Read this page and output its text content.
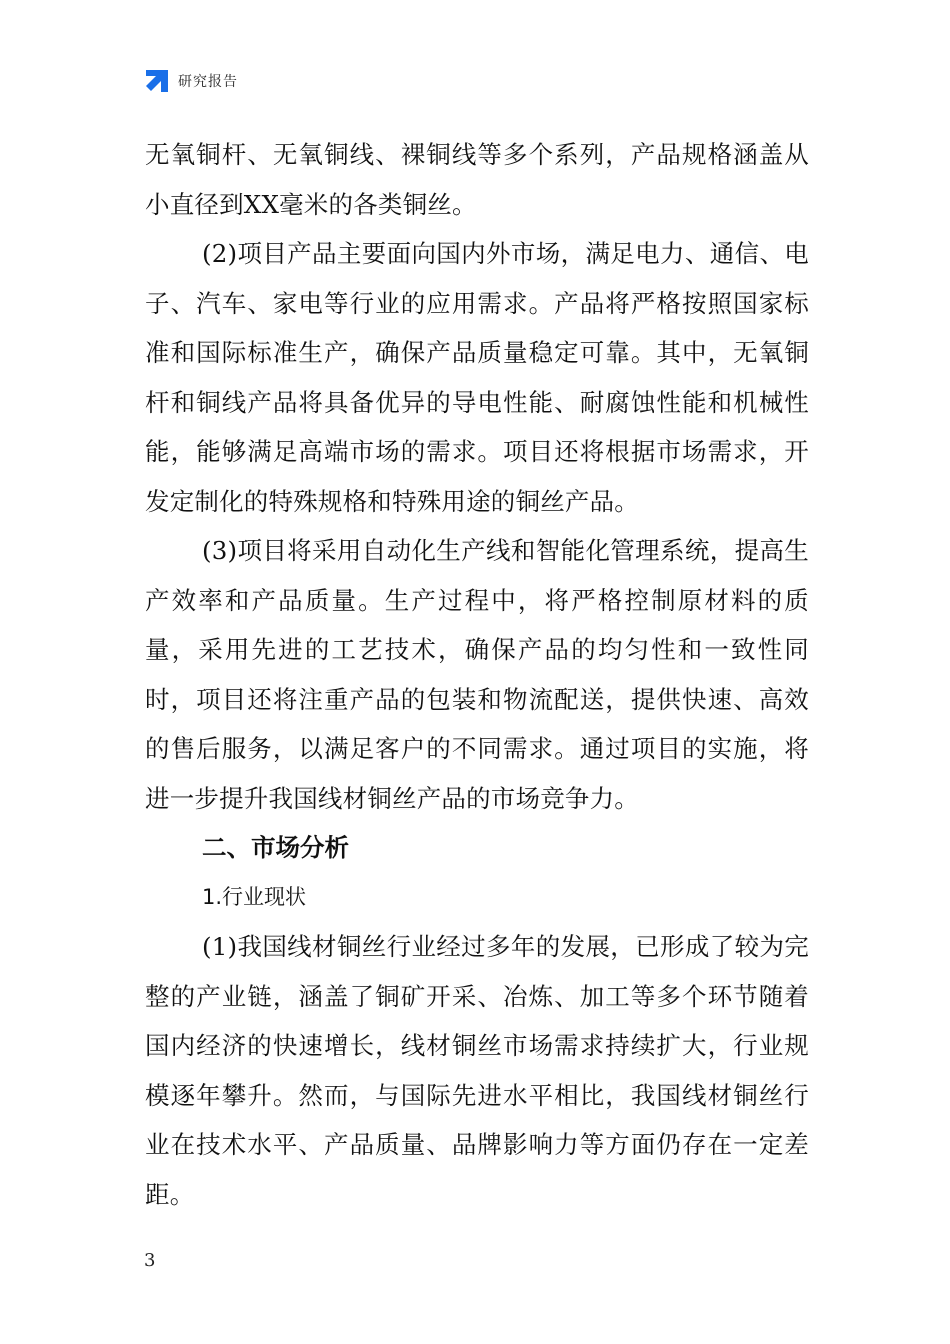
研究报告

无氧铜杆、无氧铜线、裸铜线等多个系列，产品规格涵盖从小直径到XX毫米的各类铜丝。

(2)项目产品主要面向国内外市场，满足电力、通信、电子、汽车、家电等行业的应用需求。产品将严格按照国家标准和国际标准生产，确保产品质量稳定可靠。其中，无氧铜杆和铜线产品将具备优异的导电性能、耐腐蚀性能和机械性能，能够满足高端市场的需求。项目还将根据市场需求，开发定制化的特殊规格和特殊用途的铜丝产品。

(3)项目将采用自动化生产线和智能化管理系统，提高生产效率和产品质量。生产过程中，将严格控制原材料的质量，采用先进的工艺技术，确保产品的均匀性和一致性同时，项目还将注重产品的包装和物流配送，提供快速、高效的售后服务，以满足客户的不同需求。通过项目的实施，将进一步提升我国线材铜丝产品的市场竞争力。

二、市场分析

1.行业现状

(1)我国线材铜丝行业经过多年的发展，已形成了较为完整的产业链，涵盖了铜矿开采、冶炼、加工等多个环节随着国内经济的快速增长，线材铜丝市场需求持续扩大，行业规模逐年攀升。然而，与国际先进水平相比，我国线材铜丝行业在技术水平、产品质量、品牌影响力等方面仍存在一定差距。

3
